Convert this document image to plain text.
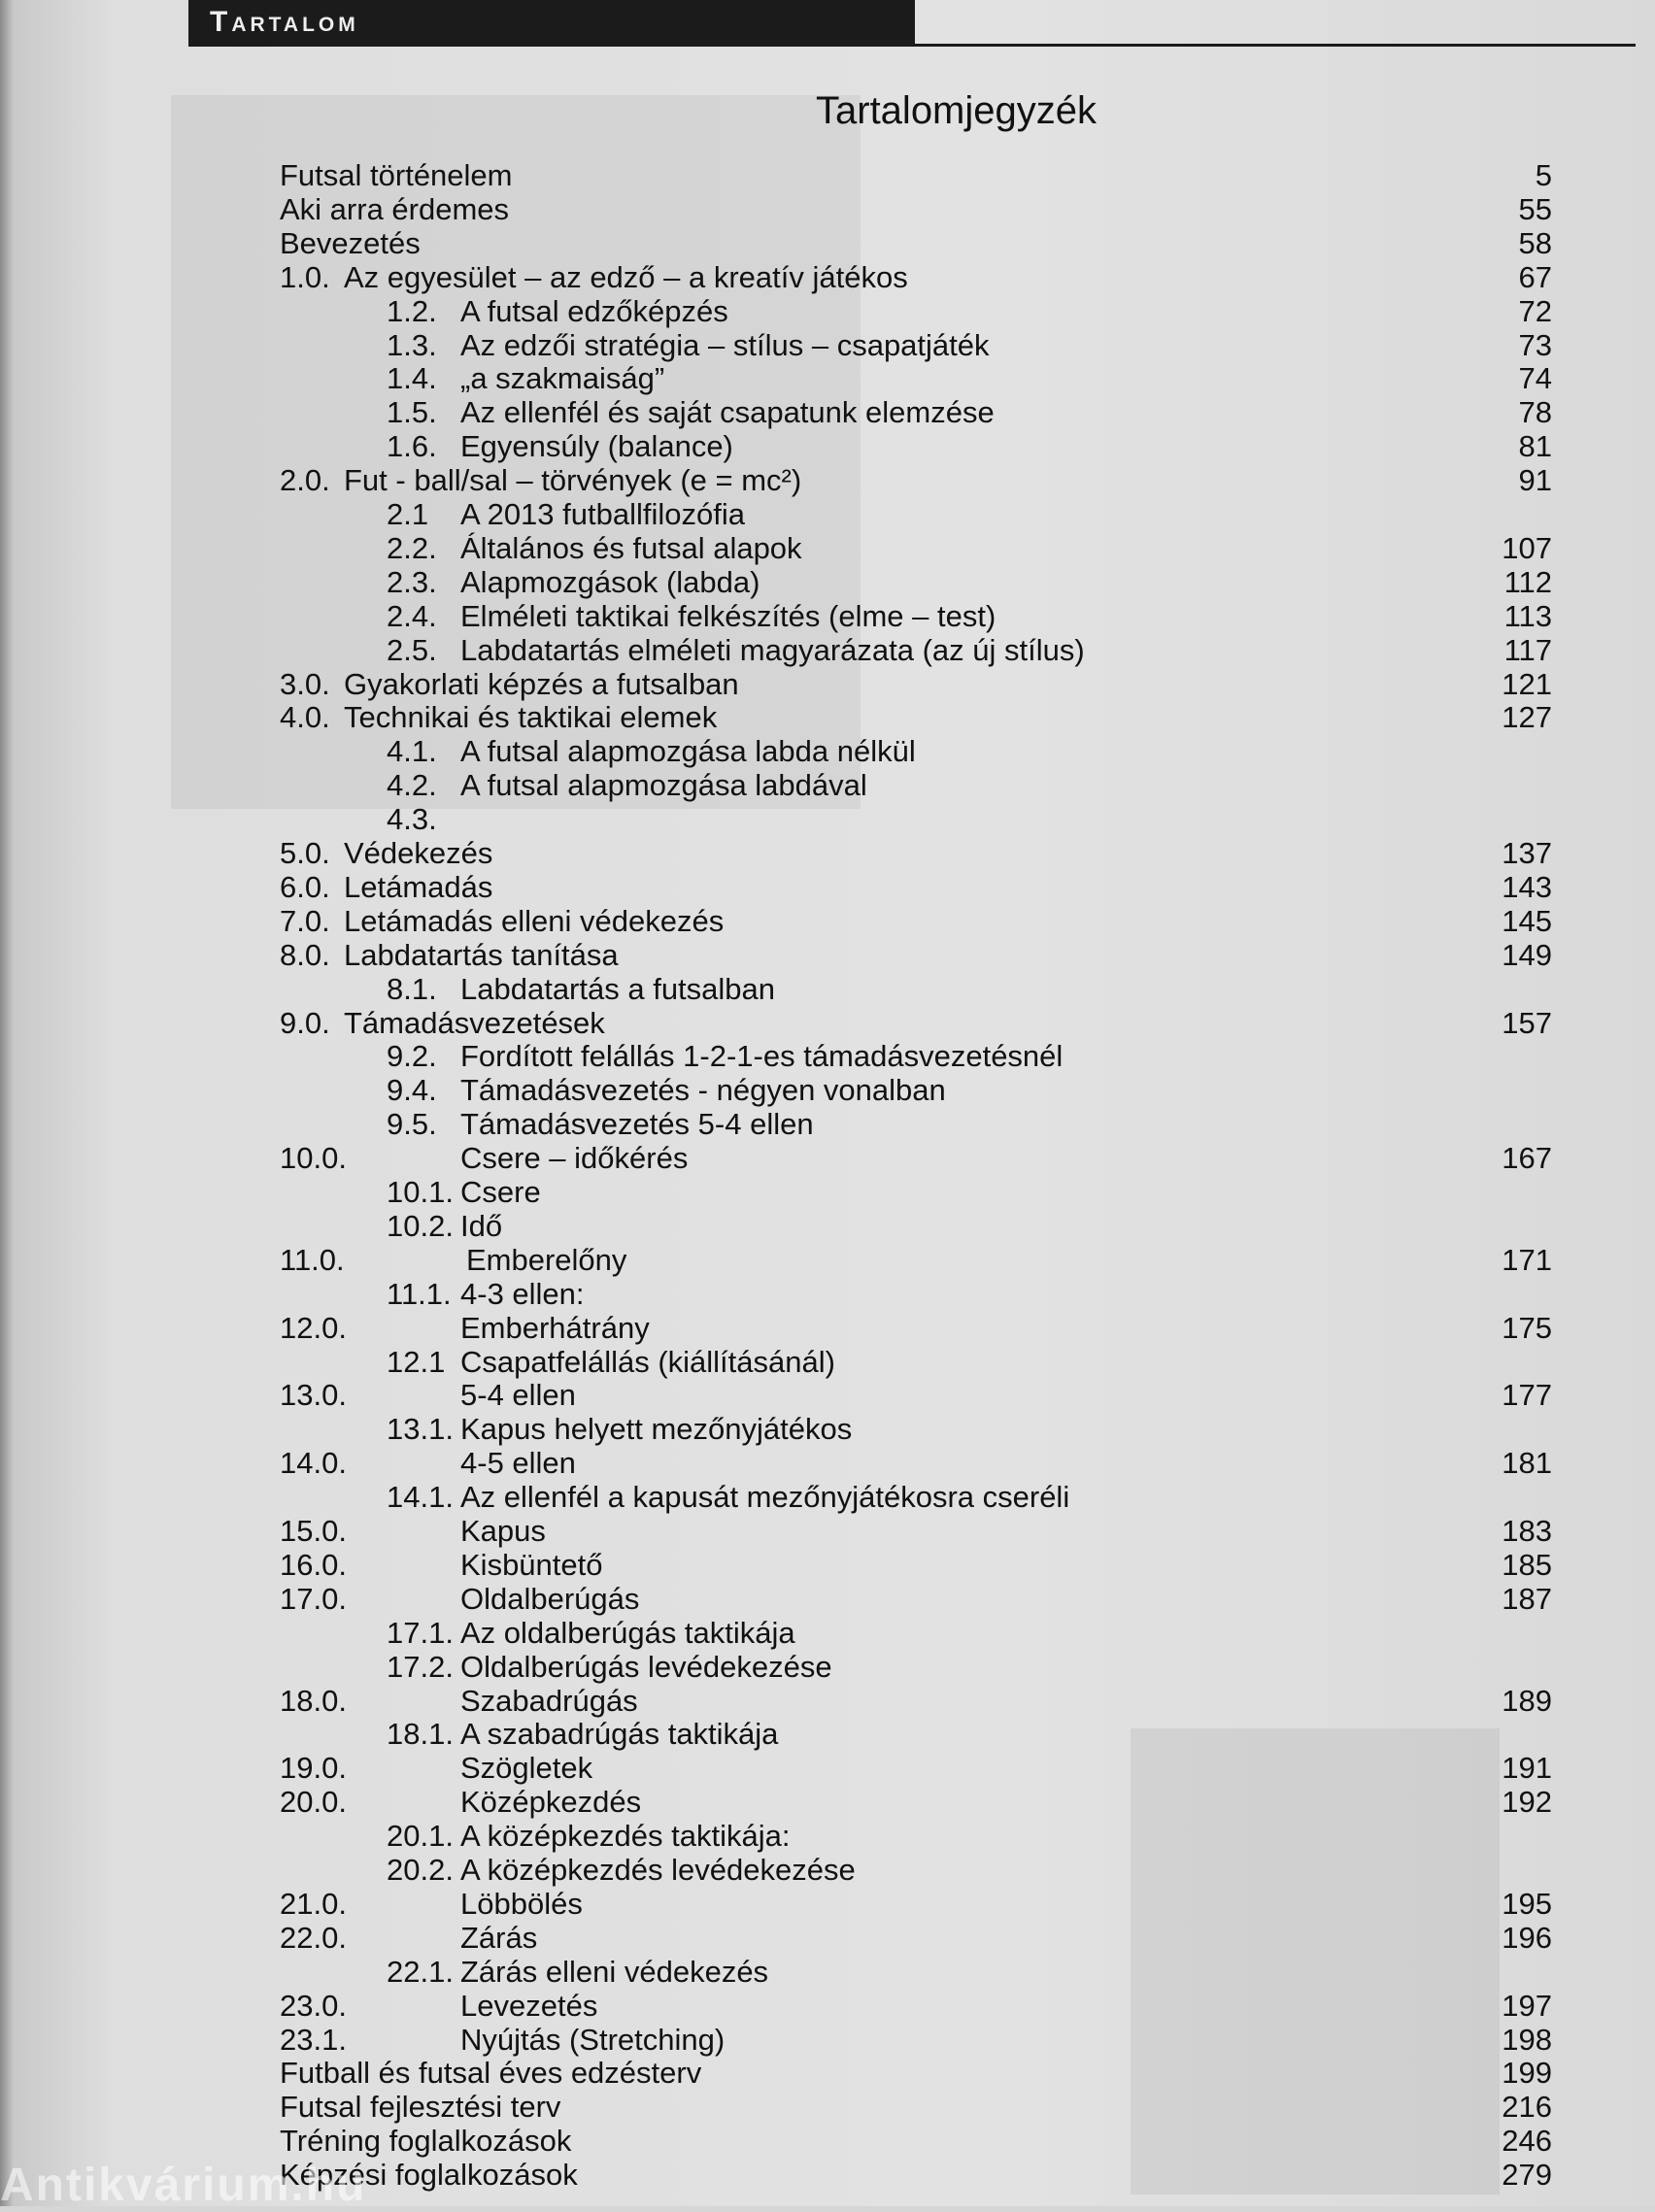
Tartalom
Tartalomjegyzék
Futsal történelem	5
Aki arra érdemes	55
Bevezetés	58
1.0. Az egyesület – az edző – a kreatív játékos	67
1.2. A futsal edzőképzés	72
1.3. Az edzői stratégia – stílus – csapatjáték	73
1.4. „a szakmaiság”	74
1.5. Az ellenfél és saját csapatunk elemzése	78
1.6. Egyensúly (balance)	81
2.0. Fut - ball/sal – törvények (e = mc²)	91
2.1 A 2013 futballfilozófia
2.2. Általános és futsal alapok	107
2.3. Alapmozgások (labda)	112
2.4. Elméleti taktikai felkészítés (elme – test)	113
2.5. Labdatartás elméleti magyarázata (az új stílus)	117
3.0. Gyakorlati képzés a futsalban	121
4.0. Technikai és taktikai elemek	127
4.1. A futsal alapmozgása labda nélkül
4.2. A futsal alapmozgása labdával
4.3.
5.0. Védekezés	137
6.0. Letámadás	143
7.0. Letámadás elleni védekezés	145
8.0. Labdatartás tanítása	149
8.1. Labdatartás a futsalban
9.0. Támadásvezetések	157
9.2. Fordított felállás 1-2-1-es támadásvezetésnél
9.4. Támadásvezetés - négyen vonalban
9.5. Támadásvezetés 5-4 ellen
10.0.	Csere – időkérés	167
10.1. Csere
10.2. Idő
11.0.	Emberelőny	171
11.1. 4-3 ellen:
12.0.	Emberhátrány	175
12.1 Csapatfelállás (kiállításánál)
13.0.	5-4 ellen	177
13.1. Kapus helyett mezőnyjátékos
14.0.	4-5 ellen	181
14.1. Az ellenfél a kapusát mezőnyjátékosra cseréli
15.0.	Kapus	183
16.0.	Kisbüntető	185
17.0.	Oldalberúgás	187
17.1. Az oldalberúgás taktikája
17.2. Oldalberúgás levédekezése
18.0.	Szabadrúgás	189
18.1. A szabadrúgás taktikája
19.0.	Szögletek	191
20.0.	Középkezdés	192
20.1. A középkezdés taktikája:
20.2. A középkezdés levédekezése
21.0.	Löbbölés	195
22.0.	Zárás	196
22.1. Zárás elleni védekezés
23.0.	Levezetés	197
23.1.	Nyújtás (Stretching)	198
Futball és futsal éves edzésterv	199
Futsal fejlesztési terv	216
Tréning foglalkozások	246
Képzési foglalkozások	279
Antikvárium.hu
